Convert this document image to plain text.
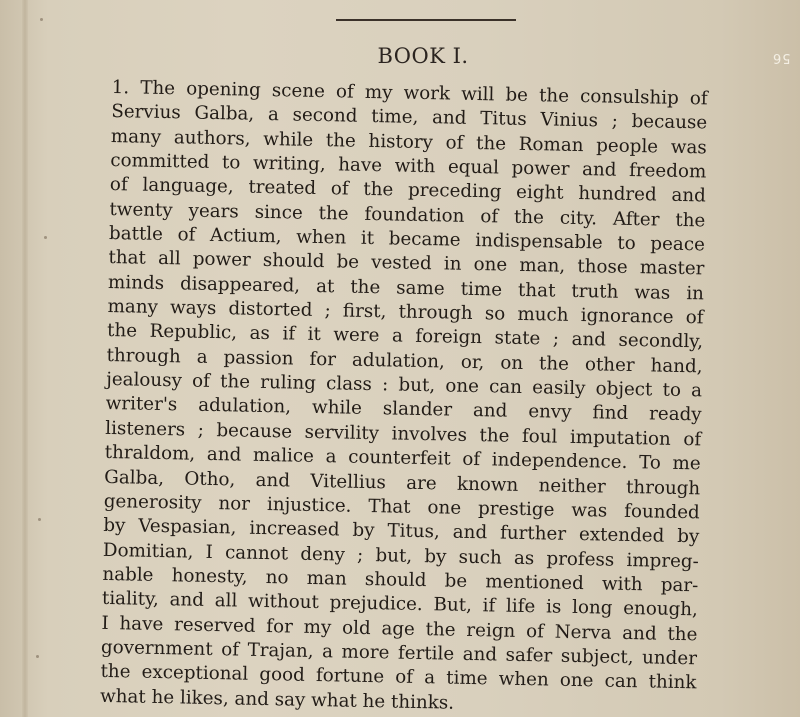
BOOK I.	56
1. The opening scene of my work will be the consulship of
Servius Galba, a second time, and Titus Vinius ; because
many authors, while the history of the Roman people was
committed to writing, have with equal power and freedom
of language, treated of the preceding eight hundred and
twenty years since the foundation of the city. After the
battle of Actium, when it became indispensable to peace
that all power should be vested in one man, those master
minds disappeared, at the same time that truth was in
many ways distorted ; first, through so much ignorance of
the Republic, as if it were a foreign state ; and secondly,
through a passion for adulation, or, on the other hand,
jealousy of the ruling class : but, one can easily object to a
writer's adulation, while slander and envy find ready
listeners ; because servility involves the foul imputation of
thraldom, and malice a counterfeit of independence. To me
Galba, Otho, and Vitellius are known neither through
generosity nor injustice. That one prestige was founded
by Vespasian, increased by Titus, and further extended by
Domitian, I cannot deny ; but, by such as profess impreg-
nable honesty, no man should be mentioned with par-
tiality, and all without prejudice. But, if life is long enough,
I have reserved for my old age the reign of Nerva and the
government of Trajan, a more fertile and safer subject, under
the exceptional good fortune of a time when one can think
what he likes, and say what he thinks.
